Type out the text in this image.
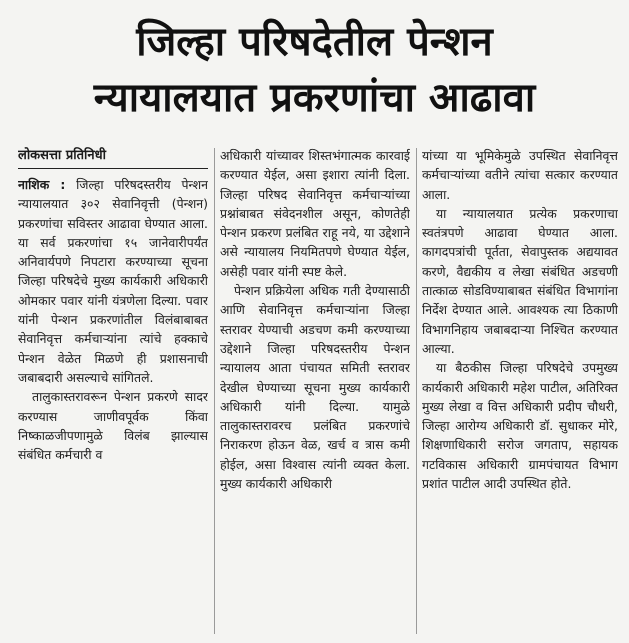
जिल्हा परिषदेतील पेन्शन
न्यायालयात प्रकरणांचा आढावा
लोकसत्ता प्रतिनिधी

नाशिक : जिल्हा परिषदस्तरीय पेन्शन न्यायालयात ३०२ सेवानिवृत्ती (पेन्शन) प्रकरणांचा सविस्तर आढावा घेण्यात आला. या सर्व प्रकरणांचा १५ जानेवारीपर्यंत अनिवार्यपणे निपटारा करण्याच्या सूचना जिल्हा परिषदेचे मुख्य कार्यकारी अधिकारी ओमकार पवार यांनी यंत्रणेला दिल्या. पवार यांनी पेन्शन प्रकरणांतील विलंबाबाबत सेवानिवृत्त कर्मचाऱ्यांना त्यांचे हक्काचे पेन्शन वेळेत मिळणे ही प्रशासनाची जबाबदारी असल्याचे सांगितले.

तालुकास्तरावरून पेन्शन प्रकरणे सादर करण्यास जाणीवपूर्वक किंवा निष्काळजीपणामुळे विलंब झाल्यास संबंधित कर्मचारी व

अधिकारी यांच्यावर शिस्तभंगात्मक कारवाई करण्यात येईल, असा इशारा त्यांनी दिला. जिल्हा परिषद सेवानिवृत्त कर्मचाऱ्यांच्या प्रश्नांबाबत संवेदनशील असून, कोणतेही पेन्शन प्रकरण प्रलंबित राहू नये, या उद्देशाने असे न्यायालय नियमितपणे घेण्यात येईल, असेही पवार यांनी स्पष्ट केले.

पेन्शन प्रक्रियेला अधिक गती देण्यासाठी आणि सेवानिवृत्त कर्मचाऱ्यांना जिल्हा स्तरावर येण्याची अडचण कमी करण्याच्या उद्देशाने जिल्हा परिषदस्तरीय पेन्शन न्यायालय आता पंचायत समिती स्तरावर देखील घेण्याच्या सूचना मुख्य कार्यकारी अधिकारी यांनी दिल्या. यामुळे तालुकास्तरावरच प्रलंबित प्रकरणांचे निराकरण होऊन वेळ, खर्च व त्रास कमी होईल, असा विश्वास त्यांनी व्यक्त केला. मुख्य कार्यकारी अधिकारी

यांच्या या भूमिकेमुळे उपस्थित सेवानिवृत्त कर्मचाऱ्यांच्या वतीने त्यांचा सत्कार करण्यात आला.

या न्यायालयात प्रत्येक प्रकरणाचा स्वतंत्रपणे आढावा घेण्यात आला. कागदपत्रांची पूर्तता, सेवापुस्तक अद्ययावत करणे, वैद्यकीय व लेखा संबंधित अडचणी तात्काळ सोडविण्याबाबत संबंधित विभागांना निर्देश देण्यात आले. आवश्यक त्या ठिकाणी विभागनिहाय जबाबदाऱ्या निश्चित करण्यात आल्या.

या बैठकीस जिल्हा परिषदेचे उपमुख्य कार्यकारी अधिकारी महेश पाटील, अतिरिक्त मुख्य लेखा व वित्त अधिकारी प्रदीप चौधरी, जिल्हा आरोग्य अधिकारी डॉ. सुधाकर मोरे, शिक्षणाधिकारी सरोज जगताप, सहायक गटविकास अधिकारी ग्रामपंचायत विभाग प्रशांत पाटील आदी उपस्थित होते.
